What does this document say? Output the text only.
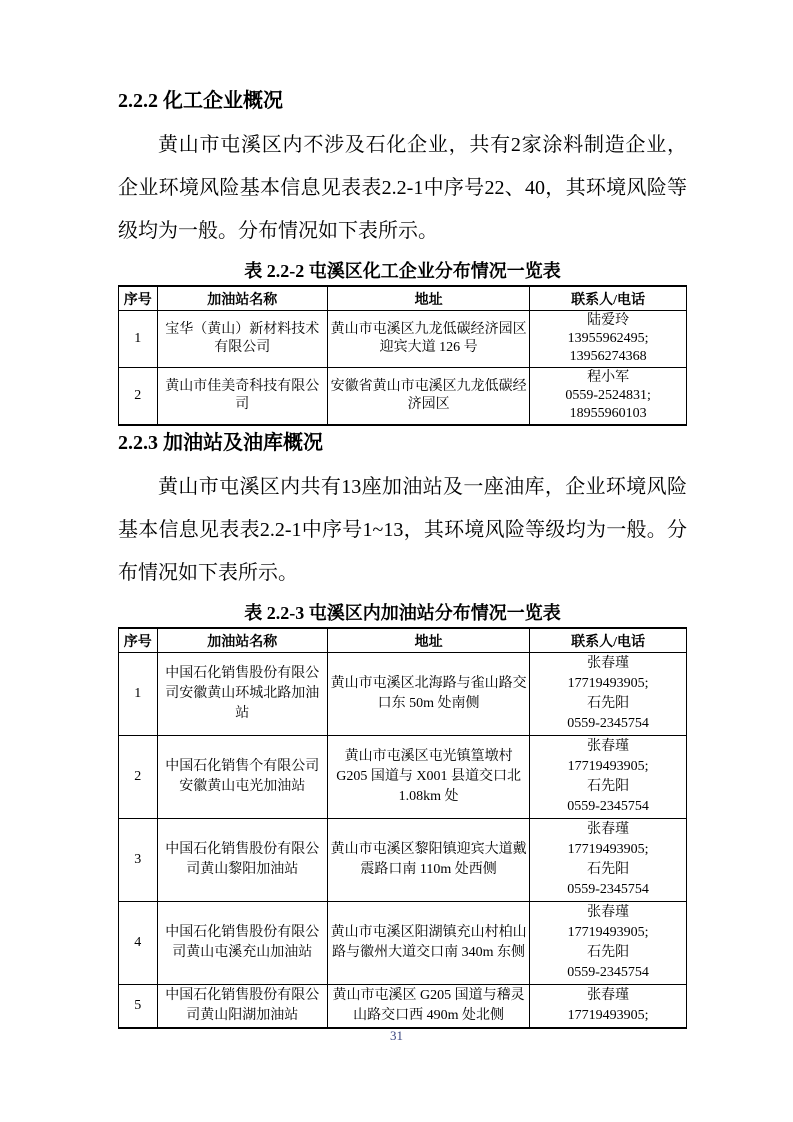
2.2.2 化工企业概况

黄山市屯溪区内不涉及石化企业，共有2家涂料制造企业，企业环境风险基本信息见表表2.2-1中序号22、40，其环境风险等级均为一般。分布情况如下表所示。

表 2.2-2 屯溪区化工企业分布情况一览表
序号	加油站名称	地址	联系人/电话
1	宝华（黄山）新材料技术有限公司	黄山市屯溪区九龙低碳经济园区迎宾大道 126 号	陆爱玲
13955962495;
13956274368

2	黄山市佳美奇科技有限公司	安徽省黄山市屯溪区九龙低碳经济园区	程小军
0559-2524831;
18955960103
2.2.3 加油站及油库概况

黄山市屯溪区内共有13座加油站及一座油库，企业环境风险基本信息见表表2.2-1中序号1~13，其环境风险等级均为一般。分布情况如下表所示。

表 2.2-3 屯溪区内加油站分布情况一览表
序号	加油站名称	地址	联系人/电话
1	中国石化销售股份有限公司安徽黄山环城北路加油站	黄山市屯溪区北海路与雀山路交口东 50m 处南侧	张春瑾
17719493905;
石先阳
0559-2345754

2	中国石化销售个有限公司安徽黄山屯光加油站	黄山市屯溪区屯光镇篁墩村 G205 国道与 X001 县道交口北 1.08km 处	张春瑾
17719493905;
石先阳
0559-2345754

3	中国石化销售股份有限公司黄山黎阳加油站	黄山市屯溪区黎阳镇迎宾大道戴震路口南 110m 处西侧	张春瑾
17719493905;
石先阳
0559-2345754

4	中国石化销售股份有限公司黄山屯溪充山加油站	黄山市屯溪区阳湖镇充山村柏山路与徽州大道交口南 340m 东侧	张春瑾
17719493905;
石先阳
0559-2345754

5	中国石化销售股份有限公司黄山阳湖加油站	黄山市屯溪区 G205 国道与稽灵山路交口西 490m 处北侧	张春瑾
17719493905;
31
